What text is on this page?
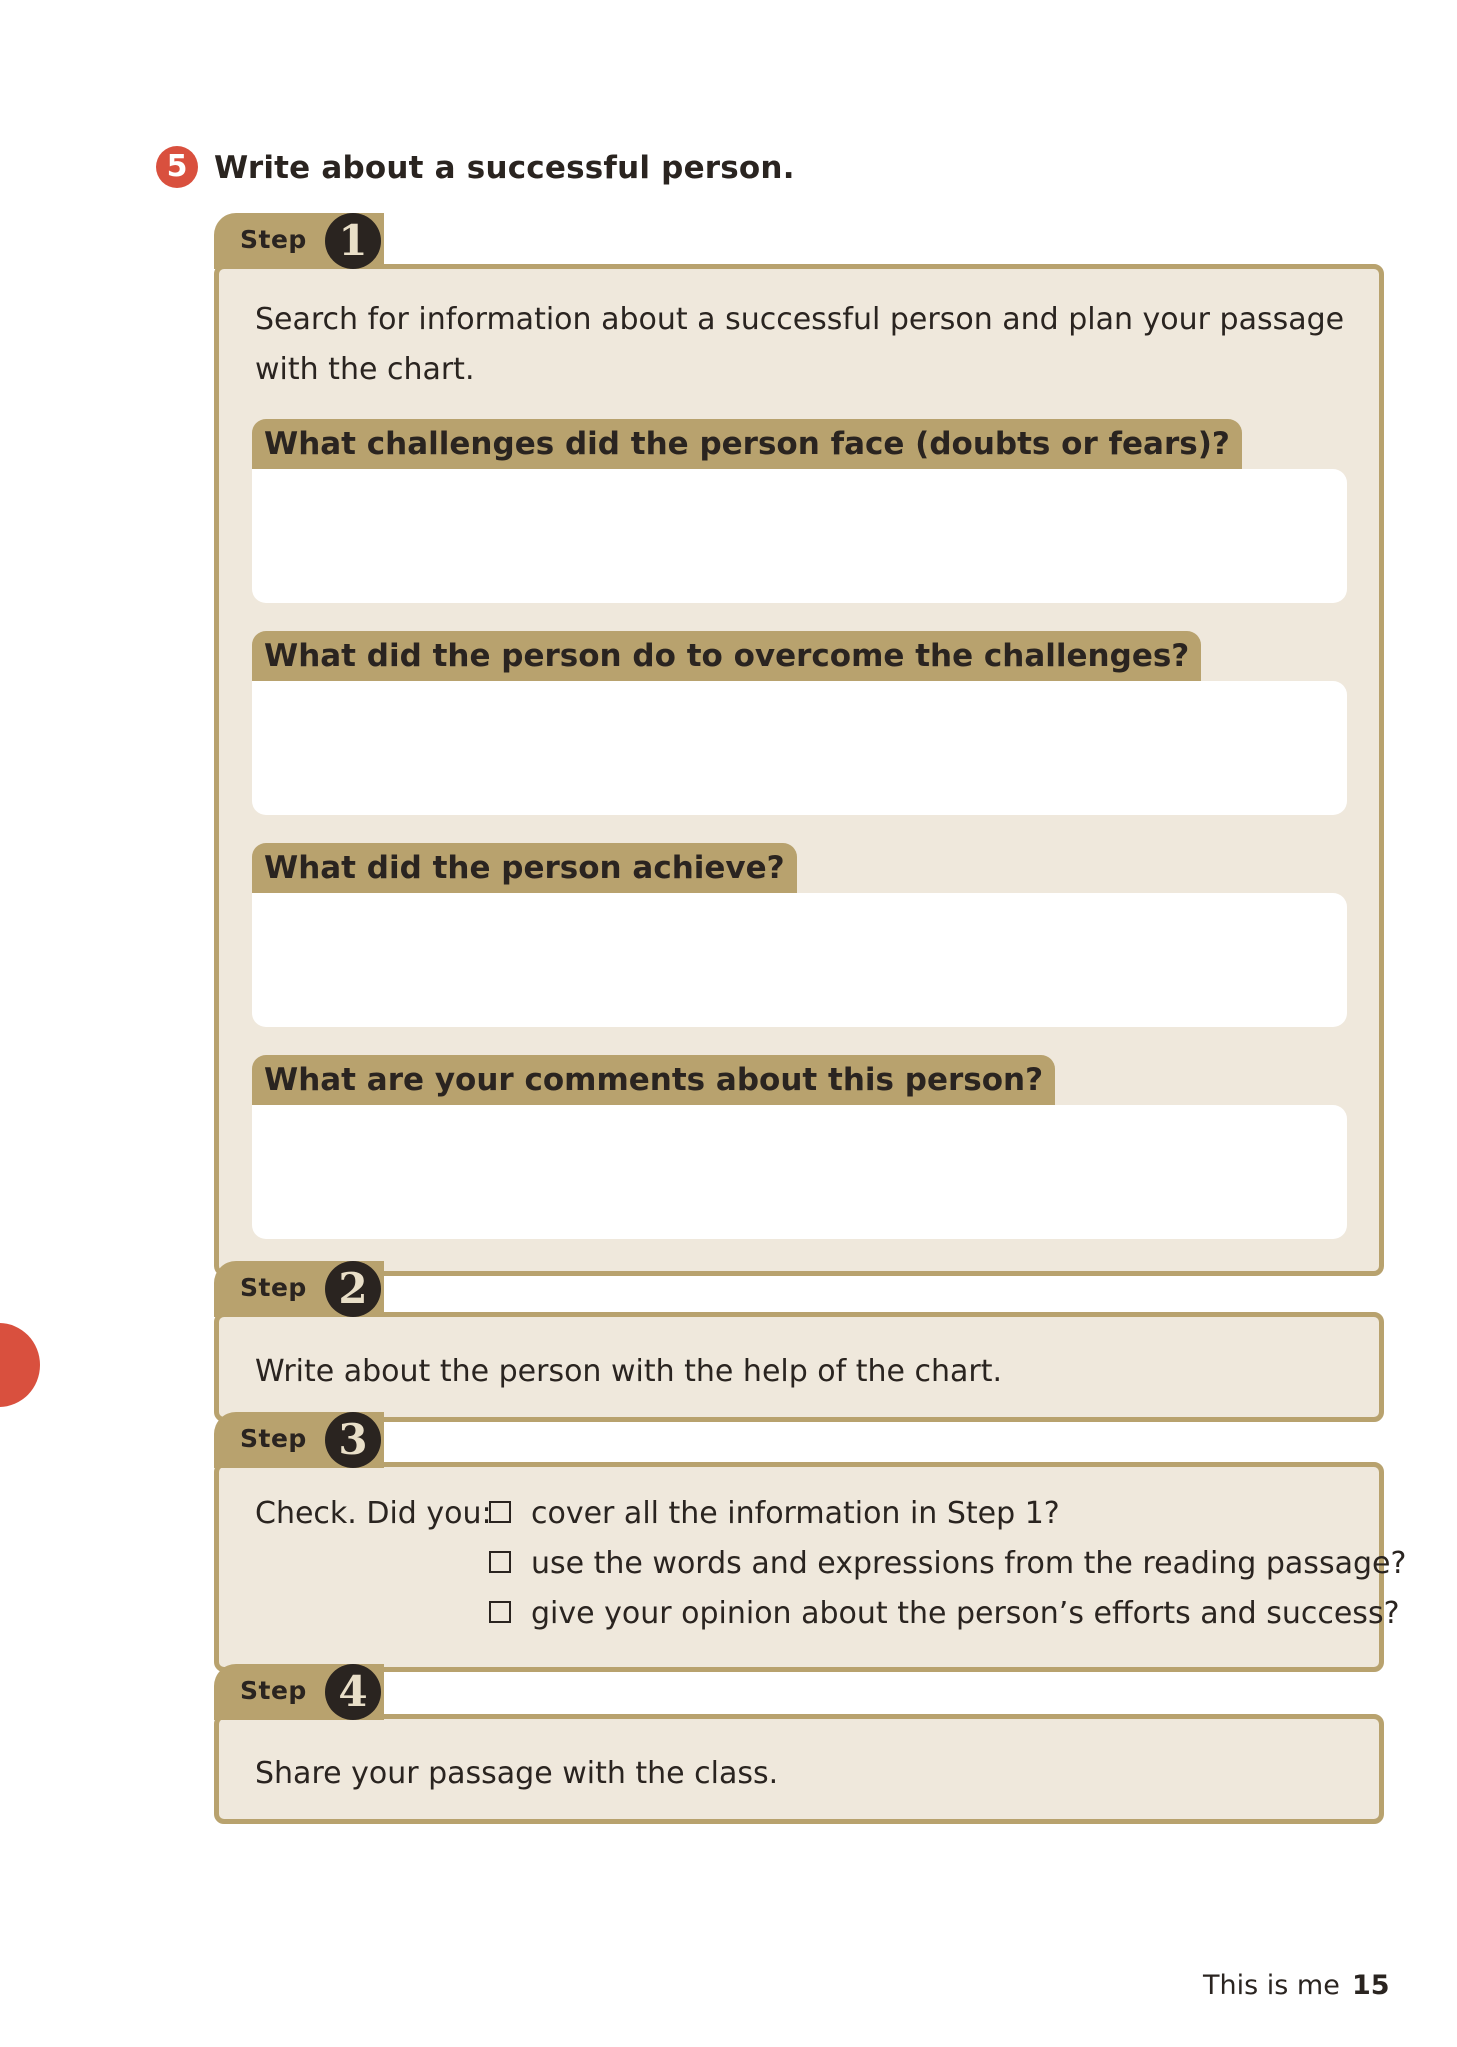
5 Write about a successful person.
Search for information about a successful person and plan your passage
with the chart.
Step 1
What challenges did the person face (doubts or fears)?
What did the person do to overcome the challenges?
What did the person achieve?
What are your comments about this person?
Write about the person with the help of the chart.
Step 2
Check. Did you:
Step 3
cover all the information in Step 1?
use the words and expressions from the reading passage?
give your opinion about the person’s efforts and success?
Share your passage with the class.
Step 4
This is me 15
